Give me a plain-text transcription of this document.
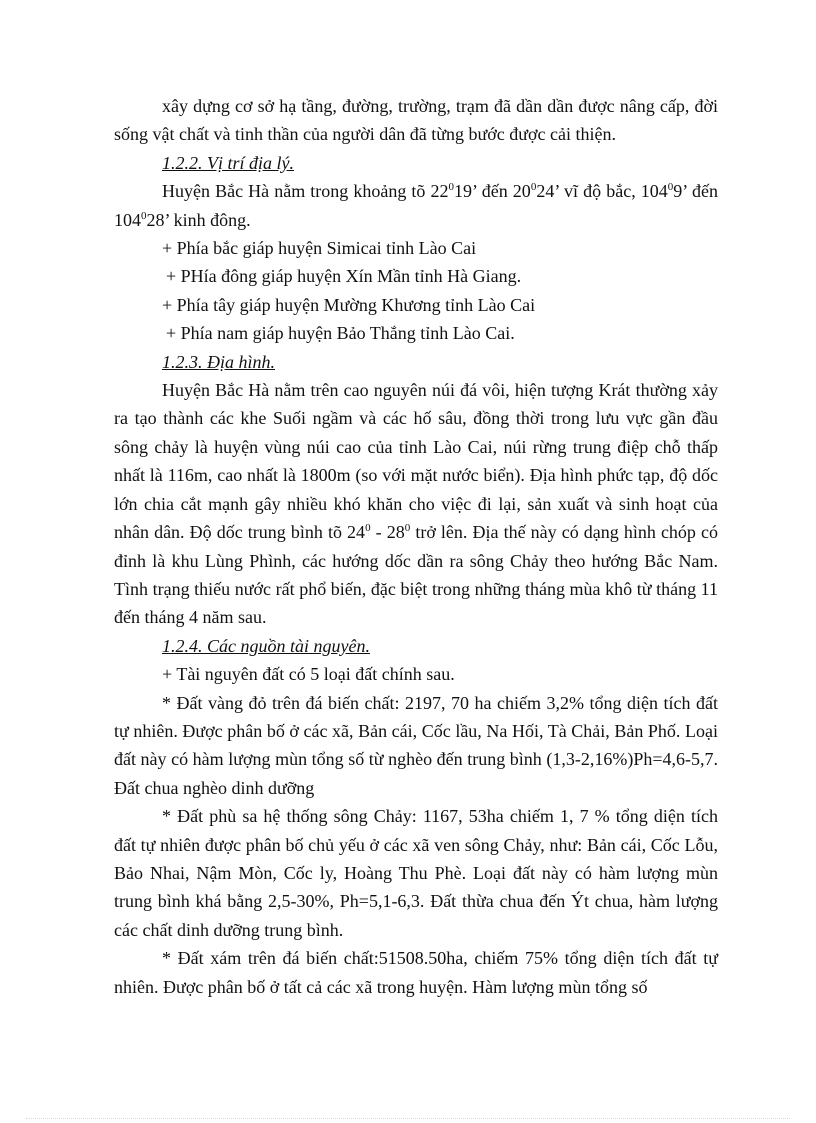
xây dựng cơ sở hạ tầng, đường, trường, trạm đã dần dần được nâng cấp, đời sống vật chất và tinh thần của người dân đã từng bước được cải thiện.

1.2.2. Vị trí địa lý.

Huyện Bắc Hà nằm trong khoảng tõ $22^019$’ đến $20^024$’ vĩ độ bắc, $104^09$’ đến $104^028$’ kinh đông.

+ Phía bắc giáp huyện Simicai tỉnh Lào Cai

+ PHía đông giáp huyện Xín Mần tỉnh Hà Giang.

+ Phía tây giáp huyện Mường Khương tỉnh Lào Cai

+ Phía nam giáp huyện Bảo Thắng tỉnh Lào Cai.

1.2.3. Địa hình.

Huyện Bắc Hà nằm trên cao nguyên núi đá vôi, hiện tượng Krát thường xảy ra tạo thành các khe Suối ngầm và các hố sâu, đồng thời trong lưu vực gần đầu sông chảy là huyện vùng núi cao của tỉnh Lào Cai, núi rừng trung điệp chỗ thấp nhất là 116m, cao nhất là 1800m (so với mặt nước biển). Địa hình phức tạp, độ dốc lớn chia cắt mạnh gây nhiều khó khăn cho việc đi lại, sản xuất và sinh hoạt của nhân dân. Độ dốc trung bình tõ $24^0 - 28^0$ trở lên. Địa thế này có dạng hình chóp có đỉnh là khu Lùng Phình, các hướng dốc dần ra sông Chảy theo hướng Bắc Nam. Tình trạng thiếu nước rất phổ biến, đặc biệt trong những tháng mùa khô từ tháng 11 đến tháng 4 năm sau.

1.2.4. Các nguồn tài nguyên.

+ Tài nguyên đất có 5 loại đất chính sau.

* Đất vàng đỏ trên đá biến chất: 2197, 70 ha chiếm 3,2% tổng diện tích đất tự nhiên. Được phân bố ở các xã, Bản cái, Cốc lầu, Na Hối, Tà Chải, Bản Phố. Loại đất này có hàm lượng mùn tổng số từ nghèo đến trung bình (1,3-2,16%)Ph=4,6-5,7. Đất chua nghèo dinh dưỡng

* Đất phù sa hệ thống sông Chảy: 1167, 53ha chiếm 1, 7 % tổng diện tích đất tự nhiên được phân bố chủ yếu ở các xã ven sông Chảy, như: Bản cái, Cốc Lỗu, Bảo Nhai, Nậm Mòn, Cốc ly, Hoàng Thu Phè. Loại đất này có hàm lượng mùn trung bình khá bằng 2,5-30%, Ph=5,1-6,3. Đất thừa chua đến Ýt chua, hàm lượng các chất dinh dưỡng trung bình.

* Đất xám trên đá biến chất:51508.50ha, chiếm 75% tổng diện tích đất tự nhiên. Được phân bố ở tất cả các xã trong huyện. Hàm lượng mùn tổng số
